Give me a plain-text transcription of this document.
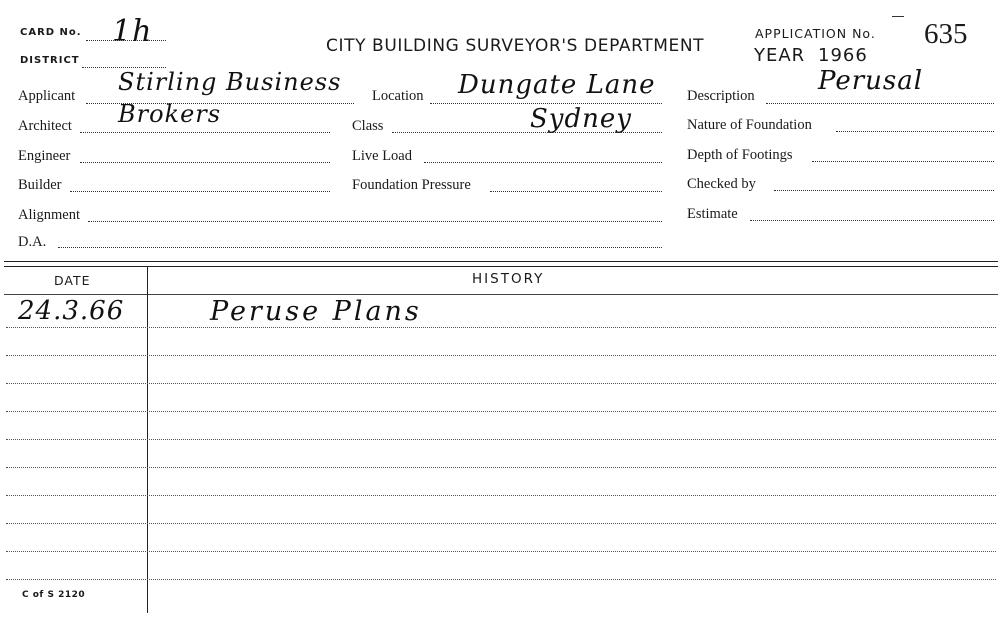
CARD No. 1h
DISTRICT
CITY BUILDING SURVEYOR'S DEPARTMENT
APPLICATION No. 635
YEAR 1966
Applicant Stirling Business Brokers
Architect
Engineer
Builder
Alignment
D.A.
Location Dungate Lane
Sydney
Class
Live Load
Foundation Pressure
Description Perusal
Nature of Foundation
Depth of Footings
Checked by
Estimate
DATE	HISTORY
24.3.66	Peruse Plans
C of S 2120
